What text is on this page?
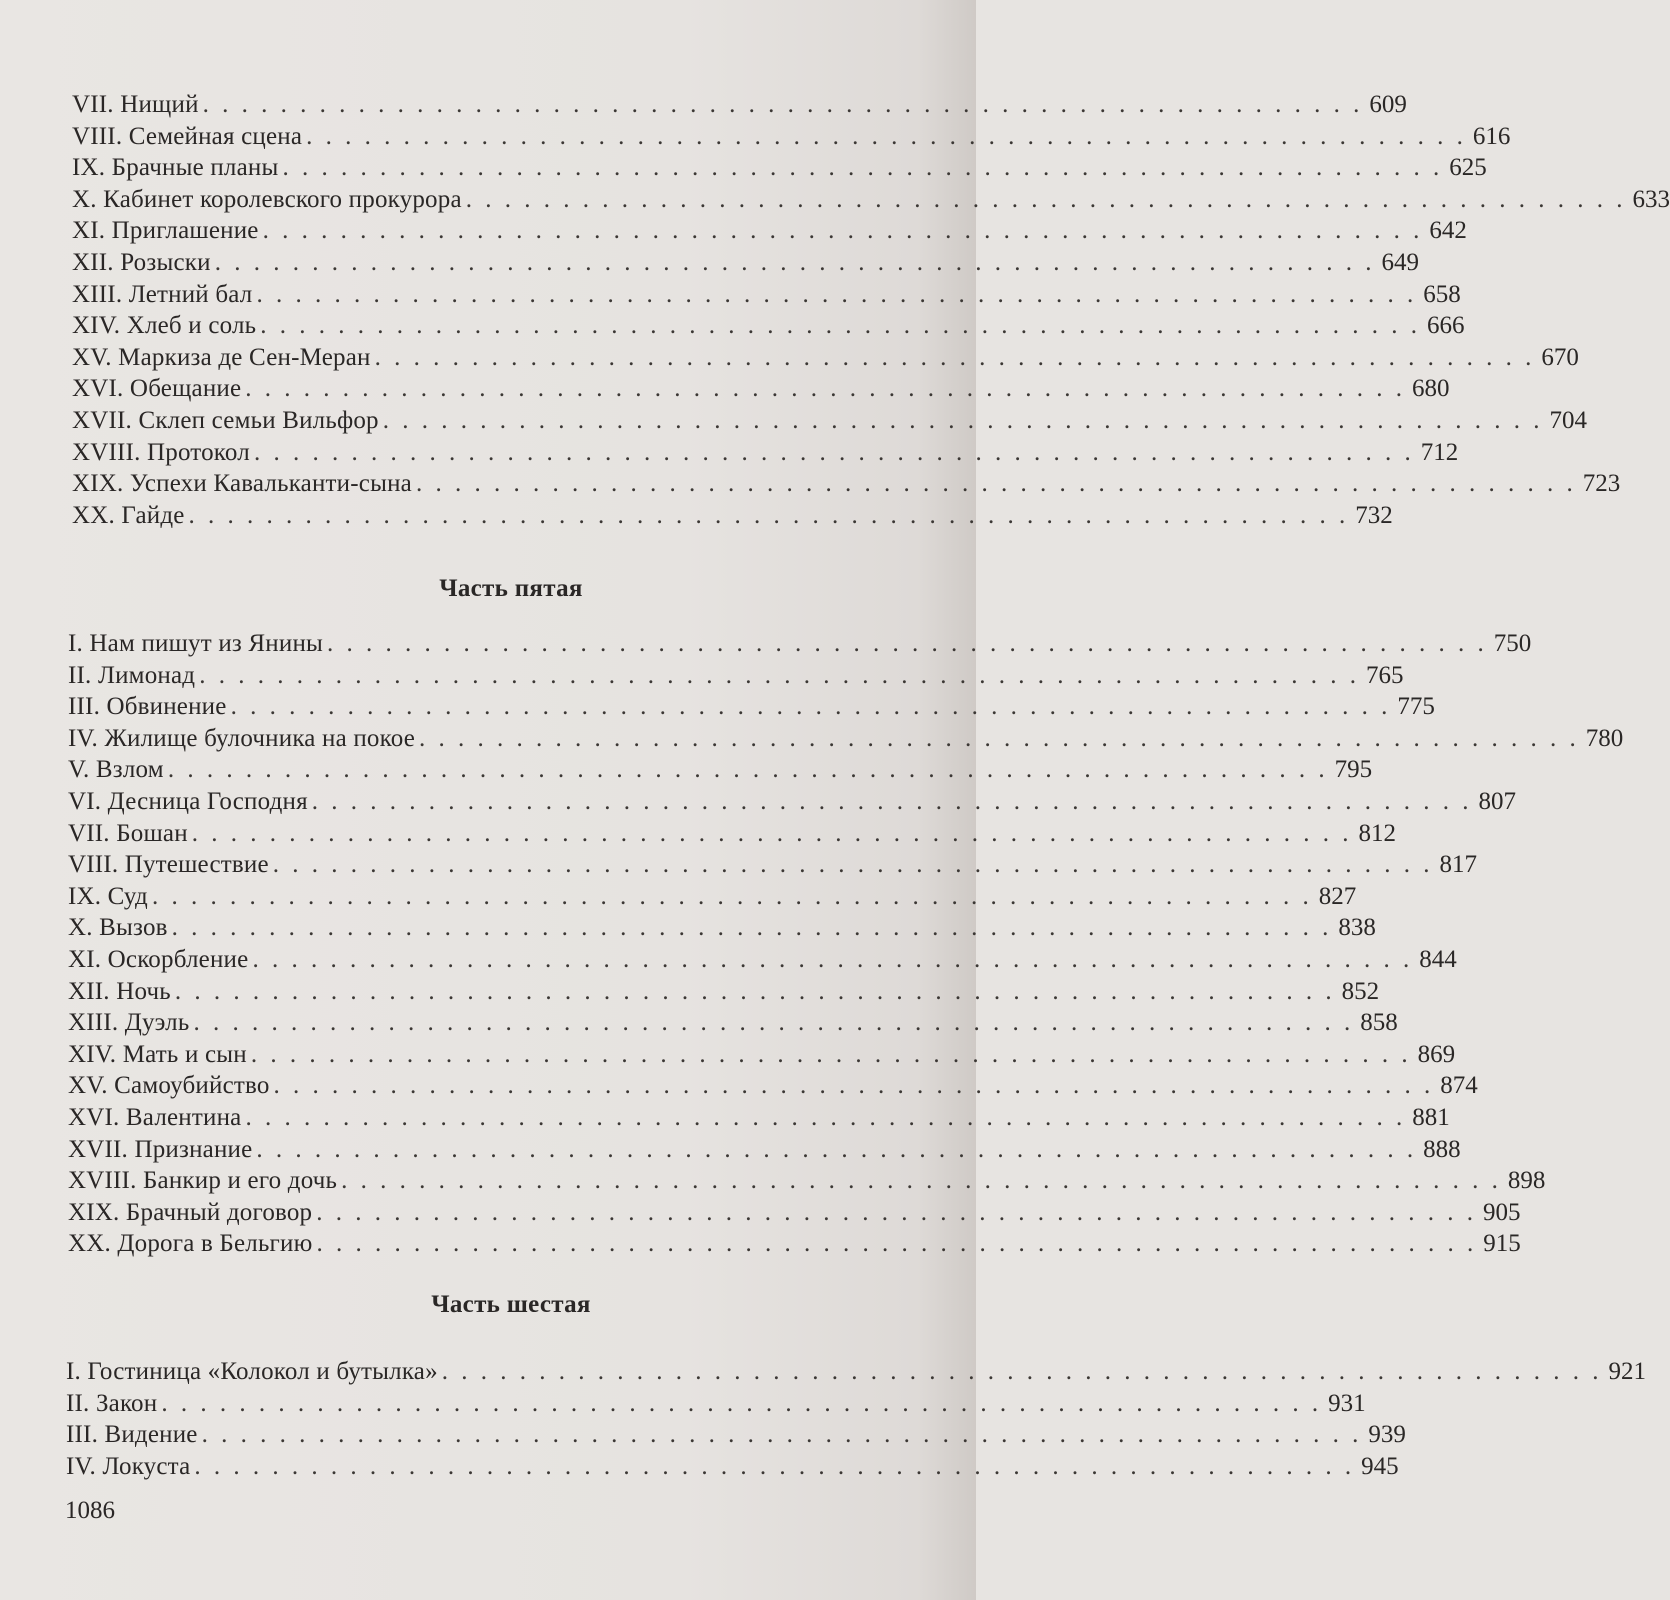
VII. Нищий . . . . . . . . . . . . . . . . . . . . . . . . . . . . . . . . . . . . . . . . . . . . . . . . . . . . . . . . . . . . 609
VIII. Семейная сцена . . . . . . . . . . . . . . . . . . . . . . . . . . . . . . . . . . . . . . . . . . . . . . . . . . . . . . . . . . . . 616
IX. Брачные планы . . . . . . . . . . . . . . . . . . . . . . . . . . . . . . . . . . . . . . . . . . . . . . . . . . . . . . . . . . . . 625
X. Кабинет королевского прокурора . . . . . . . . . . . . . . . . . . . . . . . . . . . . . . . . . . . . . . . . . . . . . . . . . . . . . . . . . . . . 633
XI. Приглашение . . . . . . . . . . . . . . . . . . . . . . . . . . . . . . . . . . . . . . . . . . . . . . . . . . . . . . . . . . . . 642
XII. Розыски . . . . . . . . . . . . . . . . . . . . . . . . . . . . . . . . . . . . . . . . . . . . . . . . . . . . . . . . . . . . 649
XIII. Летний бал . . . . . . . . . . . . . . . . . . . . . . . . . . . . . . . . . . . . . . . . . . . . . . . . . . . . . . . . . . . . 658
XIV. Хлеб и соль . . . . . . . . . . . . . . . . . . . . . . . . . . . . . . . . . . . . . . . . . . . . . . . . . . . . . . . . . . . . 666
XV. Маркиза де Сен-Меран . . . . . . . . . . . . . . . . . . . . . . . . . . . . . . . . . . . . . . . . . . . . . . . . . . . . . . . . . . . . 670
XVI. Обещание . . . . . . . . . . . . . . . . . . . . . . . . . . . . . . . . . . . . . . . . . . . . . . . . . . . . . . . . . . . . 680
XVII. Склеп семьи Вильфор . . . . . . . . . . . . . . . . . . . . . . . . . . . . . . . . . . . . . . . . . . . . . . . . . . . . . . . . . . . . 704
XVIII. Протокол . . . . . . . . . . . . . . . . . . . . . . . . . . . . . . . . . . . . . . . . . . . . . . . . . . . . . . . . . . . . 712
XIX. Успехи Кавальканти-сына . . . . . . . . . . . . . . . . . . . . . . . . . . . . . . . . . . . . . . . . . . . . . . . . . . . . . . . . . . . . 723
XX. Гайде . . . . . . . . . . . . . . . . . . . . . . . . . . . . . . . . . . . . . . . . . . . . . . . . . . . . . . . . . . . . 732
Часть пятая
I. Нам пишут из Янины . . . . . . . . . . . . . . . . . . . . . . . . . . . . . . . . . . . . . . . . . . . . . . . . . . . . . . . . . . . . 750
II. Лимонад . . . . . . . . . . . . . . . . . . . . . . . . . . . . . . . . . . . . . . . . . . . . . . . . . . . . . . . . . . . . 765
III. Обвинение . . . . . . . . . . . . . . . . . . . . . . . . . . . . . . . . . . . . . . . . . . . . . . . . . . . . . . . . . . . . 775
IV. Жилище булочника на покое . . . . . . . . . . . . . . . . . . . . . . . . . . . . . . . . . . . . . . . . . . . . . . . . . . . . . . . . . . . . 780
V. Взлом . . . . . . . . . . . . . . . . . . . . . . . . . . . . . . . . . . . . . . . . . . . . . . . . . . . . . . . . . . . . 795
VI. Десница Господня . . . . . . . . . . . . . . . . . . . . . . . . . . . . . . . . . . . . . . . . . . . . . . . . . . . . . . . . . . . . 807
VII. Бошан . . . . . . . . . . . . . . . . . . . . . . . . . . . . . . . . . . . . . . . . . . . . . . . . . . . . . . . . . . . . 812
VIII. Путешествие . . . . . . . . . . . . . . . . . . . . . . . . . . . . . . . . . . . . . . . . . . . . . . . . . . . . . . . . . . . . 817
IX. Суд . . . . . . . . . . . . . . . . . . . . . . . . . . . . . . . . . . . . . . . . . . . . . . . . . . . . . . . . . . . . 827
X. Вызов . . . . . . . . . . . . . . . . . . . . . . . . . . . . . . . . . . . . . . . . . . . . . . . . . . . . . . . . . . . . 838
XI. Оскорбление . . . . . . . . . . . . . . . . . . . . . . . . . . . . . . . . . . . . . . . . . . . . . . . . . . . . . . . . . . . . 844
XII. Ночь . . . . . . . . . . . . . . . . . . . . . . . . . . . . . . . . . . . . . . . . . . . . . . . . . . . . . . . . . . . . 852
XIII. Дуэль . . . . . . . . . . . . . . . . . . . . . . . . . . . . . . . . . . . . . . . . . . . . . . . . . . . . . . . . . . . . 858
XIV. Мать и сын . . . . . . . . . . . . . . . . . . . . . . . . . . . . . . . . . . . . . . . . . . . . . . . . . . . . . . . . . . . . 869
XV. Самоубийство . . . . . . . . . . . . . . . . . . . . . . . . . . . . . . . . . . . . . . . . . . . . . . . . . . . . . . . . . . . . 874
XVI. Валентина . . . . . . . . . . . . . . . . . . . . . . . . . . . . . . . . . . . . . . . . . . . . . . . . . . . . . . . . . . . . 881
XVII. Признание . . . . . . . . . . . . . . . . . . . . . . . . . . . . . . . . . . . . . . . . . . . . . . . . . . . . . . . . . . . . 888
XVIII. Банкир и его дочь . . . . . . . . . . . . . . . . . . . . . . . . . . . . . . . . . . . . . . . . . . . . . . . . . . . . . . . . . . . . 898
XIX. Брачный договор . . . . . . . . . . . . . . . . . . . . . . . . . . . . . . . . . . . . . . . . . . . . . . . . . . . . . . . . . . . . 905
XX. Дорога в Бельгию . . . . . . . . . . . . . . . . . . . . . . . . . . . . . . . . . . . . . . . . . . . . . . . . . . . . . . . . . . . . 915
Часть шестая
I. Гостиница «Колокол и бутылка» . . . . . . . . . . . . . . . . . . . . . . . . . . . . . . . . . . . . . . . . . . . . . . . . . . . . . . . . . . . . 921
II. Закон . . . . . . . . . . . . . . . . . . . . . . . . . . . . . . . . . . . . . . . . . . . . . . . . . . . . . . . . . . . . 931
III. Видение . . . . . . . . . . . . . . . . . . . . . . . . . . . . . . . . . . . . . . . . . . . . . . . . . . . . . . . . . . . . 939
IV. Локуста . . . . . . . . . . . . . . . . . . . . . . . . . . . . . . . . . . . . . . . . . . . . . . . . . . . . . . . . . . . . 945
1086
